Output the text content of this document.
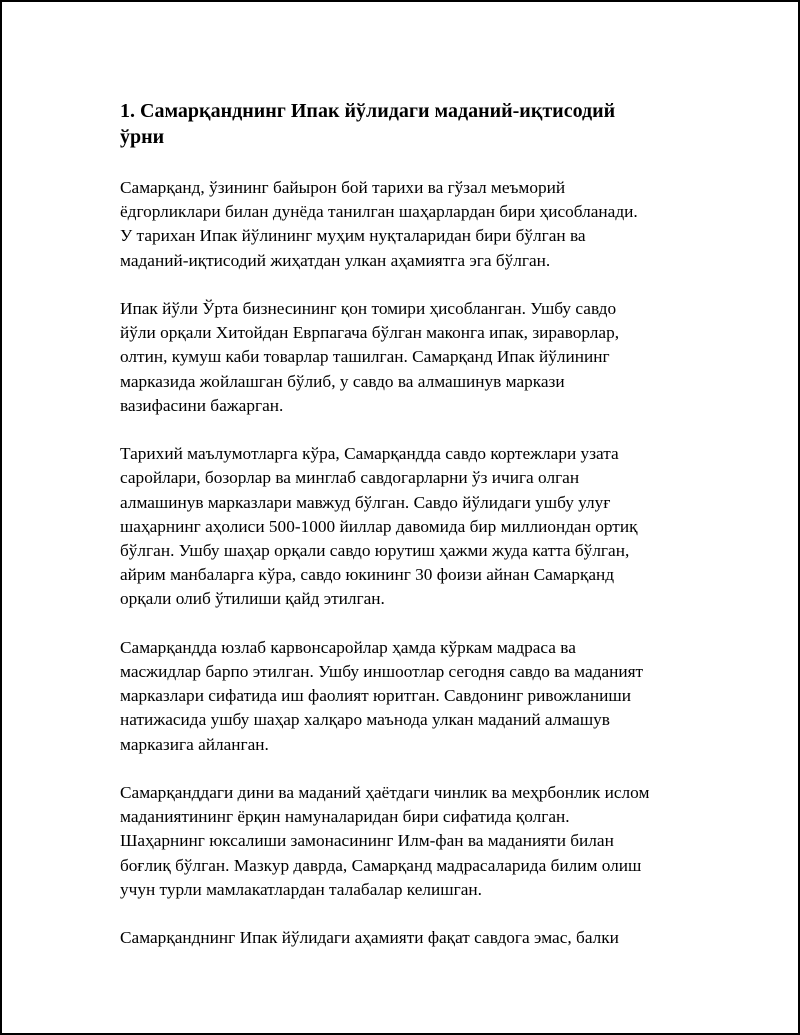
1. Самарқанднинг Ипак йўлидаги маданий-иқтисодий
ўрни
Самарқанд, ўзининг байырон бой тарихи ва гўзал меъморий
ёдгорликлари билан дунёда танилган шаҳарлардан бири ҳисобланади.
У тарихан Ипак йўлининг муҳим нуқталаридан бири бўлган ва
маданий-иқтисодий жиҳатдан улкан аҳамиятга эга бўлган.
Ипак йўли Ўрта бизнесининг қон томири ҳисобланган. Ушбу савдо
йўли орқали Хитойдан Еврпагача бўлган маконга ипак, зираворлар,
олтин, кумуш каби товарлар ташилган. Самарқанд Ипак йўлининг
марказида жойлашган бўлиб, у савдо ва алмашинув маркази
вазифасини бажарган.
Тарихий маълумотларга кўра, Самарқандда савдо кортежлари узата
саройлари, бозорлар ва минглаб савдогарларни ўз ичига олган
алмашинув марказлари мавжуд бўлган. Савдо йўлидаги ушбу улуғ
шаҳарнинг аҳолиси 500-1000 йиллар давомида бир миллиондан ортиқ
бўлган. Ушбу шаҳар орқали савдо юрутиш ҳажми жуда катта бўлган,
айрим манбаларга кўра, савдо юкининг 30 фоизи айнан Самарқанд
орқали олиб ўтилиши қайд этилган.
Самарқандда юзлаб карвонсаройлар ҳамда кўркам мадраса ва
масжидлар барпо этилган. Ушбу иншоотлар сегодня савдо ва маданият
марказлари сифатида иш фаолият юритган. Савдонинг ривожланиши
натижасида ушбу шаҳар халқаро маънода улкан маданий алмашув
марказига айланган.
Самарқанддаги дини ва маданий ҳаётдаги чинлик ва меҳрбонлик ислом
маданиятининг ёрқин намуналаридан бири сифатида қолган.
Шаҳарнинг юксалиши замонасининг Илм-фан ва маданияти билан
боғлиқ бўлган. Мазкур даврда, Самарқанд мадрасаларида билим олиш
учун турли мамлакатлардан талабалар келишган.
Самарқанднинг Ипак йўлидаги аҳамияти фақат савдога эмас, балки
